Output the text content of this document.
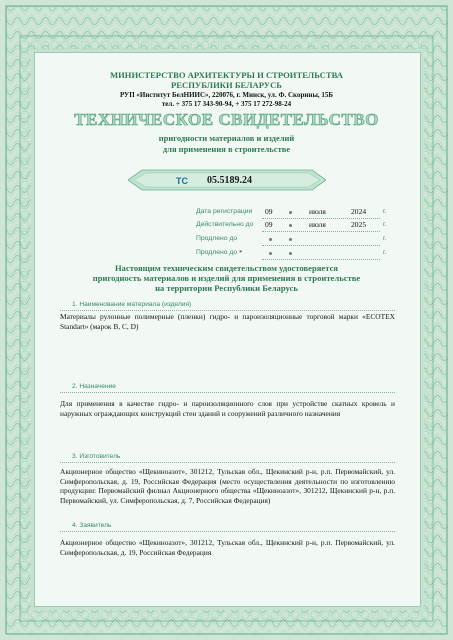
МИНИСТЕРСТВО АРХИТЕКТУРЫ И СТРОИТЕЛЬСТВА
РЕСПУБЛИКИ БЕЛАРУСЬ
РУП «Институт БелНИИС», 220076, г. Минск, ул. Ф. Скорины, 15Б
тел. + 375 17 343-90-94, + 375 17 272-98-24
ТЕХНИЧЕСКОЕ СВИДЕТЕЛЬСТВО
пригодности материалов и изделий
для применения в строительстве
ТС 05.5189.24
Дата регистрации 09	июля	2024 г.
Действительно до 09	июля	2025 г.
Продлено до	г.
Продлено до	г.
*
Настоящим техническим свидетельством удостоверяется
пригодность материалов и изделий для применения в строительстве
на территории Республики Беларусь
1. Наименование материала (изделия)
Материалы рулонные полимерные (пленки) гидро- и пароизоляционные торговой марки «ECOTEX Standart» (марок B, C, D)
2. Назначение
Для применения в качестве гидро- и пароизоляционного слоя при устройстве скатных кровель и наружных ограждающих конструкций стен зданий и сооружений различного назначения
3. Изготовитель
Акционерное общество «Щекиноазот», 301212, Тульская обл., Щекинский р-н, р.п. Первомайский, ул. Симферопольская, д. 19, Российская Федерация (место осуществления деятельности по изготовлению продукции: Первомайский филиал Акционерного общества «Щекиноазот», 301212, Щекинский р-н, р.п. Первомайский, ул. Симферопольская, д. 7, Российская Федерация)
4. Заявитель
Акционерное общество «Щекиноазот», 301212, Тульская обл., Щекинский р-н, р.п. Первомайский, ул. Симферопольская, д. 19, Российская Федерация
